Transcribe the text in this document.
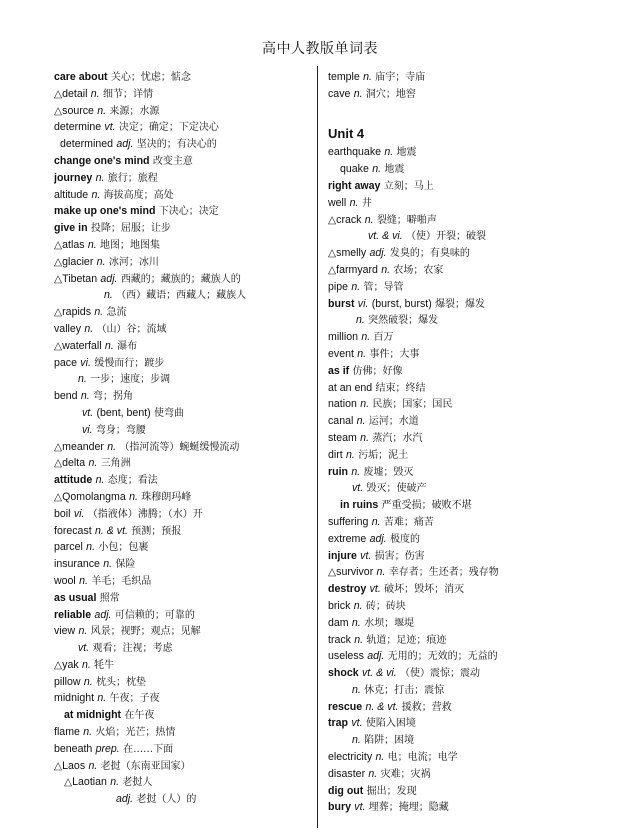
高中人教版单词表
care about 关心；忧虑；惦念
△detail n. 细节；详情
△source n. 来源；水源
determine vt. 决定；确定；下定决心
determined adj. 坚决的；有决心的
change one's mind 改变主意
journey n. 旅行；旅程
altitude n. 海拔高度；高处
make up one's mind 下决心；决定
give in 投降；屈服；让步
△atlas n. 地图；地图集
△glacier n. 冰河；冰川
△Tibetan adj. 西藏的；藏族的；藏族人的
n. （西）藏语；西藏人；藏族人
△rapids n. 急流
valley n. （山）谷；流域
△waterfall n. 瀑布
pace vi. 缓慢而行；踱步
n. 一步；速度；步调
bend n. 弯；拐角
vt. (bent, bent) 使弯曲
vi. 弯身；弯腰
△meander n. （指河流等）蜿蜒缓慢流动
△delta n. 三角洲
attitude n. 态度；看法
△Qomolangma n. 珠穆朗玛峰
boil vi. （指液体）沸腾；（水）开
forecast n. & vt. 预测；预报
parcel n. 小包；包裹
insurance n. 保险
wool n. 羊毛；毛织品
as usual 照常
reliable adj. 可信赖的；可靠的
view n. 风景；视野；观点；见解
vt. 观看；注视；考虑
△yak n. 牦牛
pillow n. 枕头；枕垫
midnight n. 午夜；子夜
at midnight 在午夜
flame n. 火焰；光芒；热情
beneath prep. 在……下面
△Laos n. 老挝（东南亚国家）
△Laotian n. 老挝人
adj. 老挝（人）的
temple n. 庙宇；寺庙
cave n. 洞穴；地窖
Unit 4
earthquake n. 地震
quake n. 地震
right away 立刻；马上
well n. 井
△crack n. 裂缝；噼啪声
vt. & vi. （使）开裂；破裂
△smelly adj. 发臭的；有臭味的
△farmyard n. 农场；农家
pipe n. 管；导管
burst vi. (burst, burst) 爆裂；爆发
n. 突然破裂；爆发
million n. 百万
event n. 事件；大事
as if 仿佛；好像
at an end 结束；终结
nation n. 民族；国家；国民
canal n. 运河；水道
steam n. 蒸汽；水汽
dirt n. 污垢；泥土
ruin n. 废墟；毁灭
vt. 毁灭；使破产
in ruins 严重受损；破败不堪
suffering n. 苦难；痛苦
extreme adj. 极度的
injure vt. 损害；伤害
△survivor n. 幸存者；生还者；残存物
destroy vt. 破坏；毁坏；消灭
brick n. 砖；砖块
dam n. 水坝；堰堤
track n. 轨道；足迹；痕迹
useless adj. 无用的；无效的；无益的
shock vt. & vi. （使）震惊；震动
n. 休克；打击；震惊
rescue n. & vt. 援救；营救
trap vt. 使陷入困境
n. 陷阱；困境
electricity n. 电；电流；电学
disaster n. 灾难；灾祸
dig out 掘出；发现
bury vt. 埋葬；掩埋；隐藏
